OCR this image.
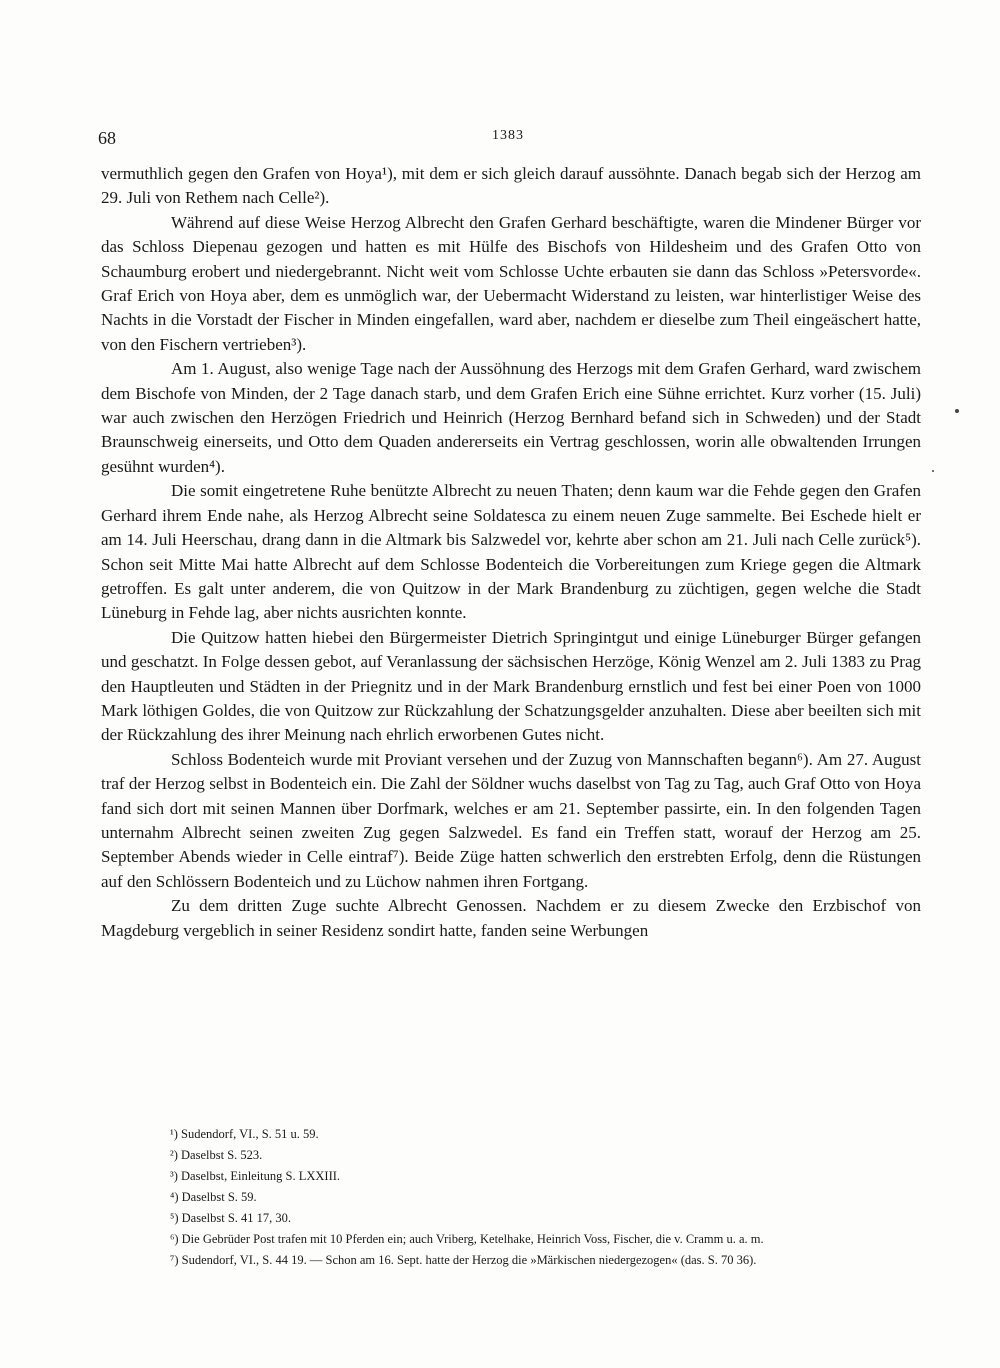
68	1383

vermuthlich gegen den Grafen von Hoya¹), mit dem er sich gleich darauf aussöhnte. Danach begab sich der Herzog am 29. Juli von Rethem nach Celle²).

Während auf diese Weise Herzog Albrecht den Grafen Gerhard beschäftigte, waren die Mindener Bürger vor das Schloss Diepenau gezogen und hatten es mit Hülfe des Bischofs von Hildesheim und des Grafen Otto von Schaumburg erobert und niedergebrannt. Nicht weit vom Schlosse Uchte erbauten sie dann das Schloss »Petersvorde«. Graf Erich von Hoya aber, dem es unmöglich war, der Uebermacht Widerstand zu leisten, war hinterlistiger Weise des Nachts in die Vorstadt der Fischer in Minden eingefallen, ward aber, nachdem er dieselbe zum Theil eingeäschert hatte, von den Fischern vertrieben³).

Am 1. August, also wenige Tage nach der Aussöhnung des Herzogs mit dem Grafen Gerhard, ward zwischem dem Bischofe von Minden, der 2 Tage danach starb, und dem Grafen Erich eine Sühne errichtet. Kurz vorher (15. Juli) war auch zwischen den Herzögen Friedrich und Heinrich (Herzog Bernhard befand sich in Schweden) und der Stadt Braunschweig einerseits, und Otto dem Quaden andererseits ein Vertrag geschlossen, worin alle obwaltenden Irrungen gesühnt wurden⁴).

Die somit eingetretene Ruhe benützte Albrecht zu neuen Thaten; denn kaum war die Fehde gegen den Grafen Gerhard ihrem Ende nahe, als Herzog Albrecht seine Soldatesca zu einem neuen Zuge sammelte. Bei Eschede hielt er am 14. Juli Heerschau, drang dann in die Altmark bis Salzwedel vor, kehrte aber schon am 21. Juli nach Celle zurück⁵). Schon seit Mitte Mai hatte Albrecht auf dem Schlosse Bodenteich die Vorbereitungen zum Kriege gegen die Altmark getroffen. Es galt unter anderem, die von Quitzow in der Mark Brandenburg zu züchtigen, gegen welche die Stadt Lüneburg in Fehde lag, aber nichts ausrichten konnte.

Die Quitzow hatten hiebei den Bürgermeister Dietrich Springintgut und einige Lüneburger Bürger gefangen und geschatzt. In Folge dessen gebot, auf Veranlassung der sächsischen Herzöge, König Wenzel am 2. Juli 1383 zu Prag den Hauptleuten und Städten in der Priegnitz und in der Mark Brandenburg ernstlich und fest bei einer Poen von 1000 Mark löthigen Goldes, die von Quitzow zur Rückzahlung der Schatzungsgelder anzuhalten. Diese aber beeilten sich mit der Rückzahlung des ihrer Meinung nach ehrlich erworbenen Gutes nicht.

Schloss Bodenteich wurde mit Proviant versehen und der Zuzug von Mannschaften begann⁶). Am 27. August traf der Herzog selbst in Bodenteich ein. Die Zahl der Söldner wuchs daselbst von Tag zu Tag, auch Graf Otto von Hoya fand sich dort mit seinen Mannen über Dorfmark, welches er am 21. September passirte, ein. In den folgenden Tagen unternahm Albrecht seinen zweiten Zug gegen Salzwedel. Es fand ein Treffen statt, worauf der Herzog am 25. September Abends wieder in Celle eintraf⁷). Beide Züge hatten schwerlich den erstrebten Erfolg, denn die Rüstungen auf den Schlössern Bodenteich und zu Lüchow nahmen ihren Fortgang.

Zu dem dritten Zuge suchte Albrecht Genossen. Nachdem er zu diesem Zwecke den Erzbischof von Magdeburg vergeblich in seiner Residenz sondirt hatte, fanden seine Werbungen

¹) Sudendorf, VI., S. 51 u. 59.
²) Daselbst S. 523.
³) Daselbst, Einleitung S. LXXIII.
⁴) Daselbst S. 59.
⁵) Daselbst S. 41 17, 30.
⁶) Die Gebrüder Post trafen mit 10 Pferden ein; auch Vriberg, Ketelhake, Heinrich Voss, Fischer, die v. Cramm u. a. m.
⁷) Sudendorf, VI., S. 44 19. — Schon am 16. Sept. hatte der Herzog die »Märkischen niedergezogen« (das. S. 70 36).
